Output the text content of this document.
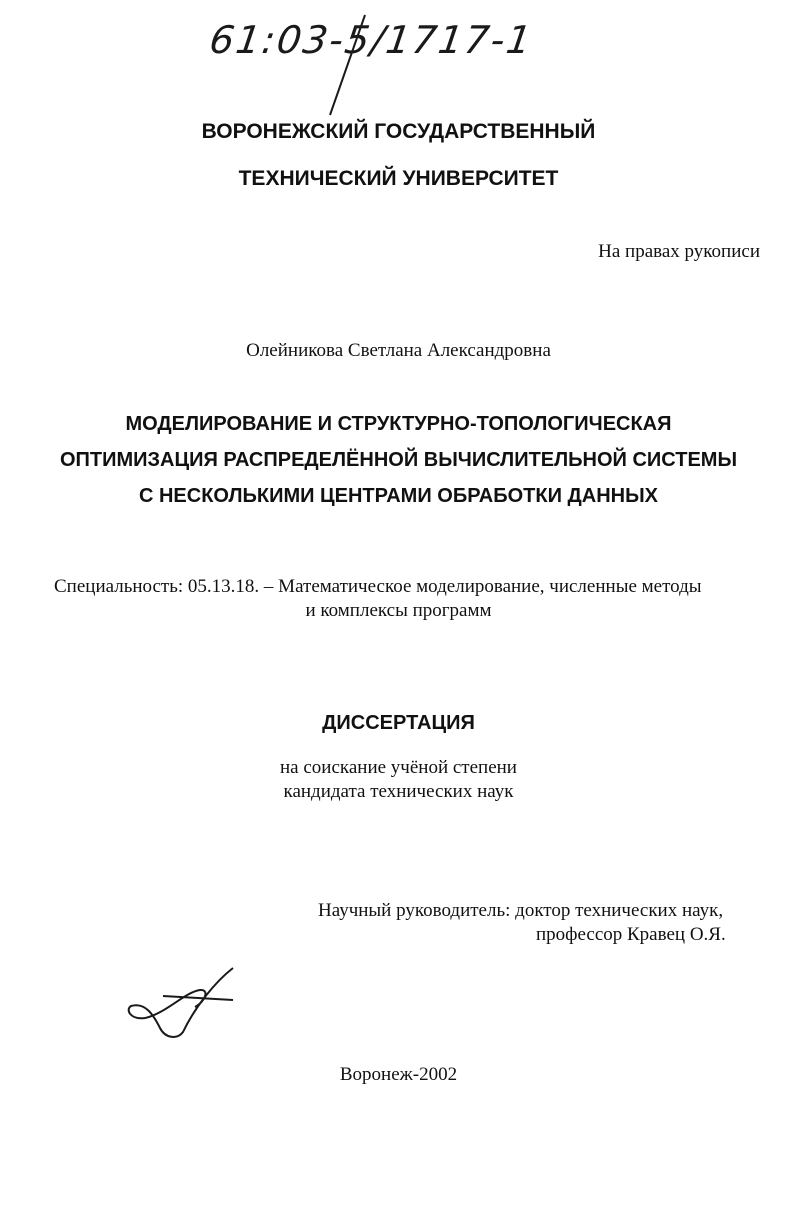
61:03-5/1717-1
ВОРОНЕЖСКИЙ ГОСУДАРСТВЕННЫЙ
ТЕХНИЧЕСКИЙ УНИВЕРСИТЕТ
На правах рукописи
Олейникова Светлана Александровна
МОДЕЛИРОВАНИЕ И СТРУКТУРНО-ТОПОЛОГИЧЕСКАЯ
ОПТИМИЗАЦИЯ РАСПРЕДЕЛЁННОЙ ВЫЧИСЛИТЕЛЬНОЙ СИСТЕМЫ
С НЕСКОЛЬКИМИ ЦЕНТРАМИ ОБРАБОТКИ ДАННЫХ
Специальность: 05.13.18. – Математическое моделирование, численные методы
и комплексы программ
ДИССЕРТАЦИЯ
на соискание учёной степени
кандидата технических наук
Научный руководитель: доктор технических наук,
профессор Кравец О.Я.
Воронеж-2002
